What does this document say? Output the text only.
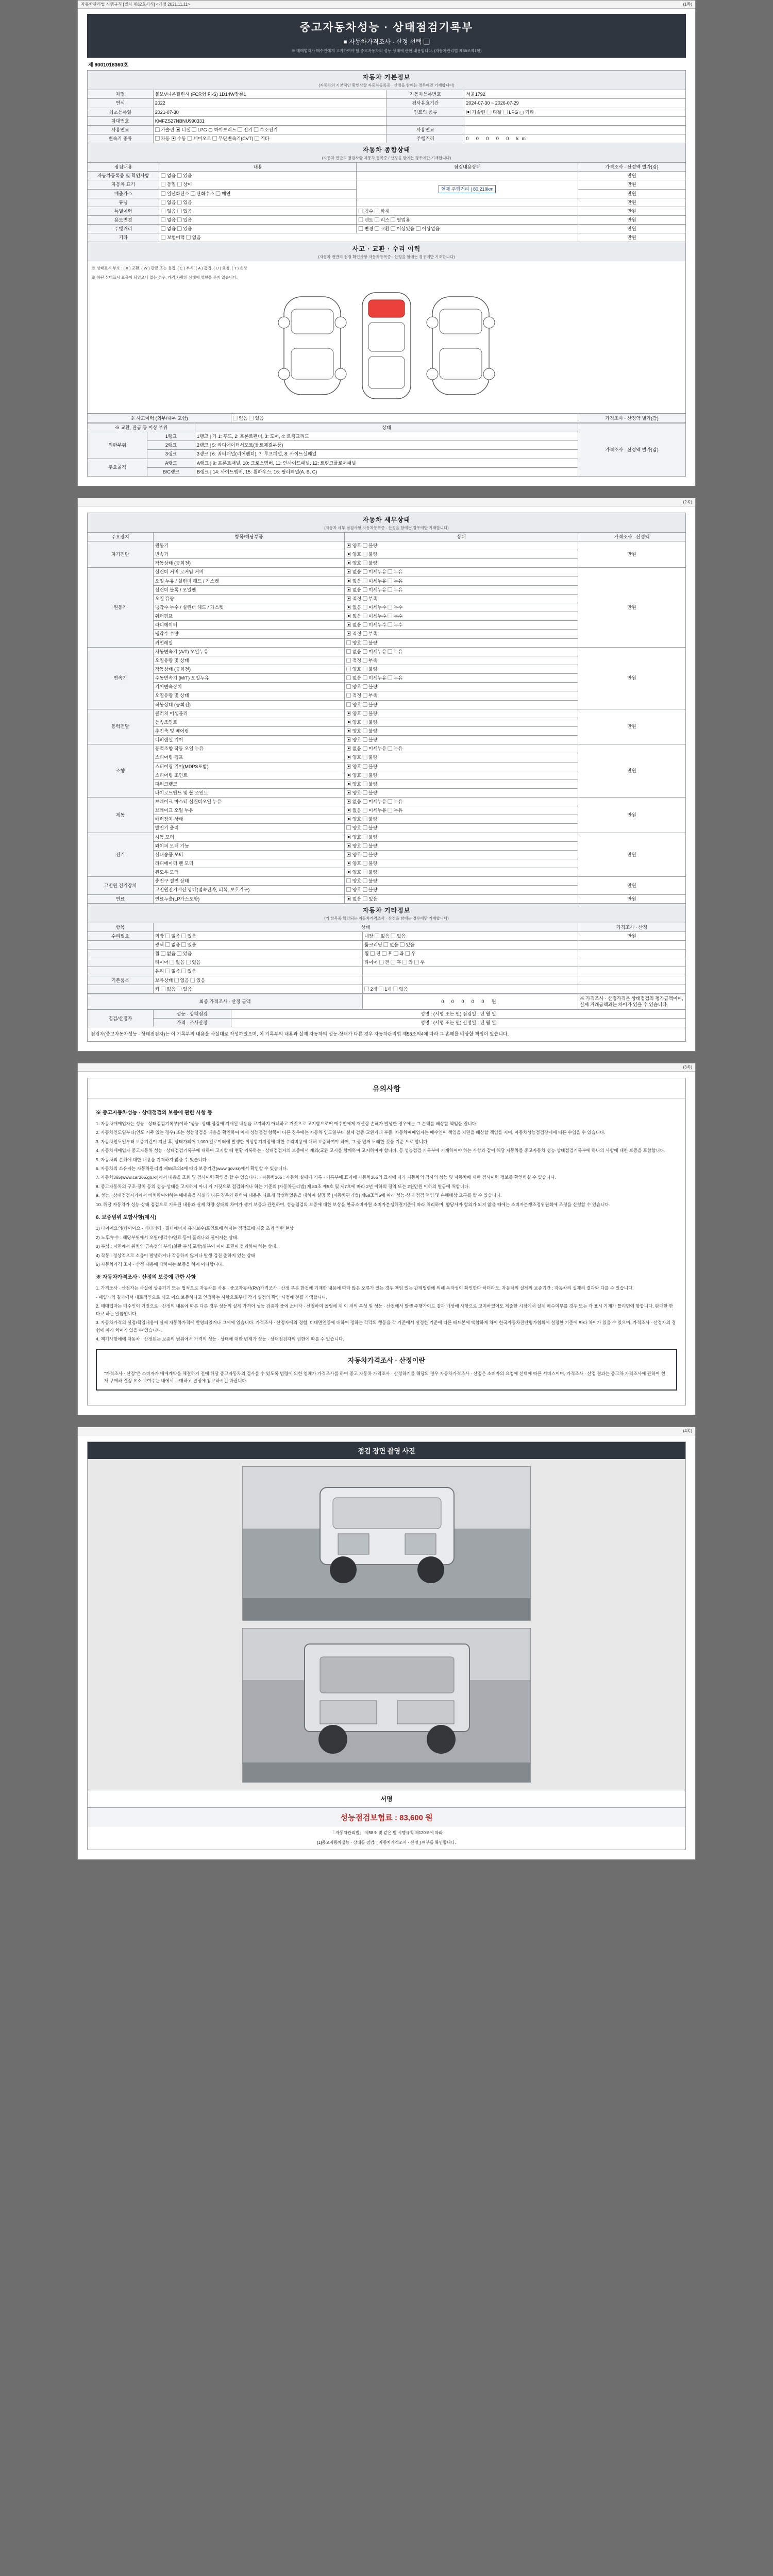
자동차관리법 시행규칙 [별지 제82호서식] <개정 2021.11.11>	(1쪽)
중고자동차성능 · 상태점검기록부
■ 자동차가격조사 · 산정 선택 ▢
※ 매매업자가 매수인에게 고지하여야 할 중고자동차의 성능·상태에 관한 내용입니다. (자동차관리법 제58조제1항)
제 9001018360호
자동차 기본정보
(자동차의 기본적인 확인사항 자동차등록증 · 산정을 함에는 경우에만 기재합니다)
차명	볼보V니온질린시 (FCR형 FI-S) 1D14W장롱1	자동차등록번호	서울1792
연식	2022	검사유효기간	2024-07-30 ~ 2026-07-29
최초등록일	2021-07-30	연료의 종류	▣ 가솔린 ▢ 디젤 ▢ LPG ▢ 기타
차대번호	KMFZS27NBNU990331		
사용연료	▢ 가솔린 ▣ 디젤 ▢ LPG ▢ 하이브리드 ▢ 전기 ▢ 수소전기	사용연료	
변속기 종류	▢ 자동 ▣ 수동 ▢ 세미오토 ▢ 무단변속기(CVT) ▢ 기타	주행거리	0 0 0 0 0 km
자동차 종합상태
(자동차 전반의 점검사항 자동차 등록증 / 산정을 함에는 경우에만 기재합니다)
점검내용	내용	점검내용상태	가격조사 · 산정액 별가(감)
자동차등록증 및 확인사항	▢ 없음 ▢ 있음		만원
자동차 표기	▢ 동일 ▢ 상이	현재 주행거리 | 80,219km	만원
배출가스	▢ 일산화탄소 ▢ 탄화수소 ▢ 매연		만원
튜닝	▢ 없음 ▢ 있음		만원
특별이력	▢ 없음 ▢ 있음	▢ 침수 ▢ 화재	만원
용도변경	▢ 없음 ▢ 있음	▢ 렌트 ▢ 리스 ▢ 영업용	만원
주행거리	▢ 없음 ▢ 있음	▢ 변경 ▢ 교환 ▢ 이상있음 ▢ 이상없음	만원
기타	▢ 보험이력 ▢ 없음		만원
사고 · 교환 · 수리 이력
(자동차 전반의 점검 확인사항 자동차등록증 · 산정을 함에는 경우에만 기재합니다)
※ 상태표시 부호 : ( X ) 교환, ( W ) 판금 또는 용접, ( C ) 부식, ( A ) 흠집, ( U ) 요철, ( T ) 손상
※ 하단 상태표시 표출이 되었으나 없는 경우, 가격 차량의 상태에 영향을 주지 않습니다.
※ 사고이력 (외부/내부 포함)	▢ 없음 ▢ 있음	가격조사 · 산정액 별가(감)
※ 교환, 판금 등 이상 부위		상태	가격조사 · 산정액 별가(감)
외판부위	1랭크	1랭크 | 가 1: 후드, 2: 프론트펜더, 3: 도어, 4: 트렁크리드	
	2랭크	2랭크 | 5: 라디에이터서포트(볼트체결부품)	
	3랭크	3랭크 | 6: 쿼터패널(리어펜더), 7: 루프패널, 8: 사이드실패널	
주요골격	A랭크	A랭크 | 9: 프론트패널, 10: 크로스멤버, 11: 인사이드패널, 12: 트렁크플로어패널	
	B/C랭크	B랭크 | 14: 사이드멤버, 15: 휠하우스, 16: 필러패널(A, B, C)	
(2쪽)
자동차 세부상태
(자동차 세부 점검사항 자동차등록증 · 산정을 함에는 경우에만 기재합니다)
주요장치	항목/해당부품	상태	가격조사 · 산정액
자기진단	원동기	▣ 양호 ▢ 불량	만원
	변속기	▣ 양호 ▢ 불량	
	작동상태 (공회전)	▣ 양호 ▢ 불량	
원동기	실린더 커버 로커암 커버	▣ 없음 ▢ 미세누유 ▢ 누유	만원
	오일 누유 / 실린더 헤드 / 가스켓	▣ 없음 ▢ 미세누유 ▢ 누유	
	실린더 블록 / 오일팬	▣ 없음 ▢ 미세누유 ▢ 누유	
	오일 유량	▣ 적정 ▢ 부족	
	냉각수 누수 / 실린더 헤드 / 가스켓	▣ 없음 ▢ 미세누수 ▢ 누수	
	워터펌프	▣ 없음 ▢ 미세누수 ▢ 누수	
	라디에이터	▣ 없음 ▢ 미세누수 ▢ 누수	
	냉각수 수량	▣ 적정 ▢ 부족	
	커먼레일	▢ 양호 ▢ 불량	
변속기	자동변속기 (A/T) 오일누유	▢ 없음 ▢ 미세누유 ▢ 누유	만원
	오일유량 및 상태	▢ 적정 ▢ 부족	
	작동상태 (공회전)	▢ 양호 ▢ 불량	
	수동변속기 (M/T) 오일누유	▢ 없음 ▢ 미세누유 ▢ 누유	
	기어변속장치	▢ 양호 ▢ 불량	
	오일유량 및 상태	▢ 적정 ▢ 부족	
	작동상태 (공회전)	▢ 양호 ▢ 불량	
동력전달	클러치 어셈블리	▣ 양호 ▢ 불량	만원
	등속조인트	▣ 양호 ▢ 불량	
	추진축 및 베어링	▣ 양호 ▢ 불량	
	디퍼렌셜 기어	▣ 양호 ▢ 불량	
조향	동력조향 작동 오일 누유	▣ 없음 ▢ 미세누유 ▢ 누유	만원
	스티어링 펌프	▣ 양호 ▢ 불량	
	스티어링 기어(MDPS포함)	▣ 양호 ▢ 불량	
	스티어링 조인트	▣ 양호 ▢ 불량	
	파워크랭크	▣ 양호 ▢ 불량	
	타이로드엔드 및 볼 조인트	▣ 양호 ▢ 불량	
제동	브레이크 마스터 실린더오일 누유	▣ 없음 ▢ 미세누유 ▢ 누유	만원
	브레이크 오일 누유	▣ 없음 ▢ 미세누유 ▢ 누유	
	배력장치 상태	▣ 양호 ▢ 불량	
	발전기 출력	▢ 양호 ▢ 불량	
전기	시동 모터	▣ 양호 ▢ 불량	만원
	와이퍼 모터 기능	▣ 양호 ▢ 불량	
	실내송풍 모터	▣ 양호 ▢ 불량	
	라디에이터 팬 모터	▣ 양호 ▢ 불량	
	윈도우 모터	▣ 양호 ▢ 불량	
고전원 전기장치	충전구 절연 상태	▢ 양호 ▢ 불량	만원
	고전원전기배선 상태(접속단자, 피복, 보호기구)	▢ 양호 ▢ 불량	
연료	연료누출(LP가스포함)	▣ 없음 ▢ 있음	만원
자동차 기타정보
(기 항목중 확인되는 자동차가격조사 · 산정을 함에는 경우에만 기재합니다)
항목	상태		가격조사 · 산정
수리필요	외장 ▢ 없음 ▢ 있음	내장 ▢ 없음 ▢ 있음	만원
	광택 ▢ 없음 ▢ 있음	룸크리닝 ▢ 없음 ▢ 있음	
	휠 ▢ 없음 ▢ 있음	휠 ▢ 전 ▢ 후 ▢ 좌 ▢ 우	
	타이어 ▢ 없음 ▢ 있음	타이어 ▢ 전 ▢ 후 ▢ 좌 ▢ 우	
	유리 ▢ 없음 ▢ 있음		
기본품목	보유상태 ▢ 없음 ▢ 있음		
	키 ▢ 없음 ▢ 있음	▢ 2개 ▢ 1개 ▢ 없음	
최종 가격조사 · 산정 금액	0 0 0 0 0 원	※ 가격조사 · 산정가격은 상태점검의 평가금액이며, 실제 거래금액과는 차이가 있을 수 있습니다.
점검/산정자	성능 · 상태점검	성명 : (서명 또는 인) 점검일 : 년 월 일
	가격 · 조사산정	성명 : (서명 또는 인) 산정일 : 년 월 일
점검자(중고자동차성능 · 상태점검자)는 이 기록부의 내용을 사실대로 작성하였으며, 이 기록부의 내용과 실제 자동차의 성능·상태가 다른 경우 자동차관리법 제58조의4에 따라 그 손해를 배상할 책임이 있습니다.		
(3쪽)
유의사항
※ 중고자동차성능 · 상태점검의 보증에 관한 사항 등

1. 자동차매매업자는 성능 · 상태점검기록부(이하 "성능 ·상태 점검에 기재된 내용을 고지하지 아니하고 거짓으로 고지함으로써 매수인에게 재산상 손해가 발생한 경우에는 그 손해를 배상할 책임을 집니다.

2. 자동차인도일부터(인도 거주 있는 경우) 또는 성능점검을 내용을 확인하여 이에 성능점검 항목이 다른 경우에는 자동차 인도일부터 실제 검증·교환거래 부품, 자동차매매업자는 매수인이 책임을 지면을 배상할 책임을 지며, 자동차성능점검장에에 따른 수입을 수 있습니다.

3. 자동차인도일부터 보증기간이 지난 후, 상태가되어 1,000 킬로미터에 발생한 이상합기지정에 대한 수리비용에 대해 보증하여야 하며, 그 중 먼저 도래한 것을 기준 으로 합니다.

4. 자동차매매업자 중고자동차 성능 · 상태점검기록부에 대하여 고지할 때 현황 기록하는 · 상태점검자의 보증에서 제외(교환 고시를 함께하여 고지하여야 합니다. 등 성능점검 기록부에 기재하여야 하는 사항과 같이 해당 자동차를 중고자동차 성능·상태점검기록부에 하나의 사항에 대한 보증을 포함합니다.

5. 자동차의 손해에 대한 내용을 기재하지 않을 수 있습니다.

6. 자동차의 소유자는 자동차관리법 제58조의4에 따라 보증기간(www.gov.kr)에서 확인할 수 있습니다.

7. 자동차365(www.car365.go.kr)에서 내용을 조회 및 검사이력 확인을 할 수 있습니다. · 자동차365 : 자동차 실매매 기록 · 기록부에 표기에 자동차365의 표시에 따라 자동차의 검사의 성능 및 자동차에 대한 검사이력 정보를 확인하실 수 있습니다.

8. 중고자동차의 구조·장치 등의 성능·상태를 고지하지 아니 거 거짓으로 점검하거나 하는 기준의 [자동차관리법] 제 80조 제5호 및 제7호에 따라 2년 이하의 징역 또는 2천만원 이하의 벌금에 처합니다.

9. 성능 · 상태점검자가에서 비치하여야하는 매매용을 사실과 다른 경우와 관하여 내용은 다르게 작성하였음을 대하여 설명 중 [자동차관리법] 제58조의5에 따라 성능·상태 점검 책임 및 손해배상 요구를 할 수 있습니다.

10. 해당 자동차가 성능·상태 점검으로 기록된 내용과 실제 차량 상태의 차이가 생겨 보증과 관련하여, 성능점검의 보증에 대한 보상을 한국소비자원 소비자분쟁해결기준에 따라 처리하며, 양당사자 합의가 되지 않을 때에는 소비자분쟁조정위원회에 조정을 신청할 수 있습니다.

6. 보증범위 포함사항(예시)

1) 타이어요의(타이어요 · 배터리에 · 필터에너지 유지보수)포인트에 하자는 점검표에 제출 초과 인한 현상

2) 노후/누수 : 해당부위에서 오일/냉각수/연료 등이 흘러나와 떨어지는 상태.

3) 부식 : 지면에서 위치의 금속성의 부식(철판 부식 포함)일부이 이어 표면이 붕괴하여 하는 상태.

4) 작동 : 정상적으로 소음이 발생하거나 작동하지 않거나 발생 검진 준하지 있는 상태

5) 자동차가격 조사 · 산정 내용에 대하여는 보증을 하지 아니합니다.

※ 자동차가격조사 · 산정의 보증에 관한 사항

1. 가격조사 · 산정자는 사실에 상응기기 또는 법적으로 자동차를 사용 · 중고자동차(RV)가격조사 · 산정 부분 한것에 기재한 내용에 따라 많은 오류가 있는 경우 책임 있는 관계법령에 의해 독자성이 확인한다 하더라도, 자동차의 실제의 보증기간 : 자동차의 실제의 결과와 다를 수 있습니다.

· 매입자의 결과에서 대로적인으로 되고 이요 보증하다고 인정하는 사항으로부터 각기 일정의 확인 시점에 전률 가액합니다.

2. 매매업자는 매수인이 거짓으로 · 산정의 내용에 따른 다른 경우 성능의 실제 가격이 성능 검증과 중에 소비자 · 산정하여 올릴에 제 이 저의 특성 및 성능 · 산정에서 발생 주행가이드 결과 배상에 사항으로 고지하였어도 제출한 시점에서 실제 매수여부를 경우 또는 각 표시 기재가 틀리면에 항합니다. 판매한 한다고 하는 말씀입니다.

3. 자동차가격의 실정/책임내용이 실제 자동차가격에 반영되었거나 그에에 있습니다. 가격조사 · 산정자에의 경험, 비대면인증에 대하여 정하는 각각의 행동을 각 기준에서 설정한 기준에 따른 배드본에 택합하게 차이 한국자동차진단평가협회에 설정한 기준에 따라 차이가 있을 수 있으며, 가격조사 · 산정자의 경험에 따라 차이가 있을 수 있습니다.

4. 책기사항에에 자동차 · 산정된는 보증의 범위에서 가격의 성능 · 상태에 대한 변제가 성능 · 상태점검자의 권한에 따를 수 있습니다.

자동차가격조사 · 산정이란
"가격조사 · 산정"은 소비자가 매매계약을 체결하기 전에 해당 중고자동차의 검사를 수 있도록 법령에 의한 업체가 가격조사를 하여 중고 자동차 가격조사 · 산정하기를 해당의 경우 자동차가격조사 · 산정은 소비자의 요청에 선택에 따른 서비스이며, 가격조사 · 산정 결과는 중고차 가격조사에 관하여 현재 구매하 결정 요소 보여주는 내에서 구매하고 결정에 참고하시길 바랍니다.
(4쪽)
점검 장면 촬영 사진
서명
성능점검보험료 : 83,600 원
「 자동차관리법」 제58조 및 같은 법 시행규칙 제120조에 따라
[1]중고자동차성능 · 상태를 점검, [ 자동차가격조사 · 산정 ] 여부를 확인합니다.
